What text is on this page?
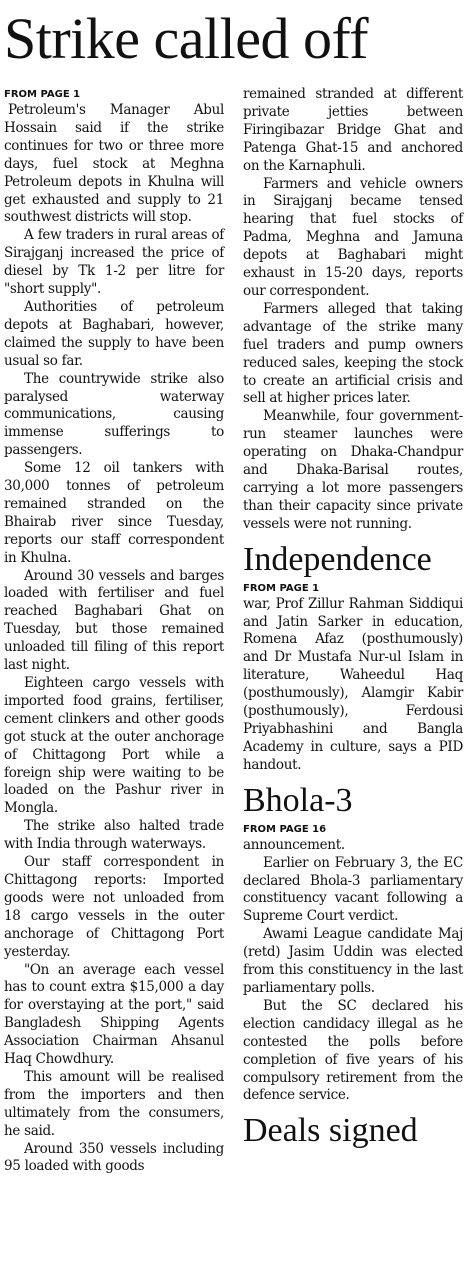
Strike called off
FROM PAGE 1

Petroleum's Manager Abul Hossain said if the strike continues for two or three more days, fuel stock at Meghna Petroleum depots in Khulna will get exhausted and supply to 21 southwest districts will stop.

A few traders in rural areas of Sirajganj increased the price of diesel by Tk 1-2 per litre for "short supply".

Authorities of petroleum depots at Baghabari, however, claimed the supply to have been usual so far.

The countrywide strike also paralysed waterway communications, causing immense sufferings to passengers.

Some 12 oil tankers with 30,000 tonnes of petroleum remained stranded on the Bhairab river since Tuesday, reports our staff correspondent in Khulna.

Around 30 vessels and barges loaded with fertiliser and fuel reached Baghabari Ghat on Tuesday, but those remained unloaded till filing of this report last night.

Eighteen cargo vessels with imported food grains, fertiliser, cement clinkers and other goods got stuck at the outer anchorage of Chittagong Port while a foreign ship were waiting to be loaded on the Pashur river in Mongla.

The strike also halted trade with India through waterways.

Our staff correspondent in Chittagong reports: Imported goods were not unloaded from 18 cargo vessels in the outer anchorage of Chittagong Port yesterday.

"On an average each vessel has to count extra $15,000 a day for overstaying at the port," said Bangladesh Shipping Agents Association Chairman Ahsanul Haq Chowdhury.

This amount will be realised from the importers and then ultimately from the consumers, he said.

Around 350 vessels including 95 loaded with goods

remained stranded at different private jetties between Firingibazar Bridge Ghat and Patenga Ghat-15 and anchored on the Karnaphuli.

Farmers and vehicle owners in Sirajganj became tensed hearing that fuel stocks of Padma, Meghna and Jamuna depots at Baghabari might exhaust in 15-20 days, reports our correspondent.

Farmers alleged that taking advantage of the strike many fuel traders and pump owners reduced sales, keeping the stock to create an artificial crisis and sell at higher prices later.

Meanwhile, four government-run steamer launches were operating on Dhaka-Chandpur and Dhaka-Barisal routes, carrying a lot more passengers than their capacity since private vessels were not running.

Independence
FROM PAGE 1

war, Prof Zillur Rahman Siddiqui and Jatin Sarker in education, Romena Afaz (posthumously) and Dr Mustafa Nur-ul Islam in literature, Waheedul Haq (posthumously), Alamgir Kabir (posthumously), Ferdousi Priyabhashini and Bangla Academy in culture, says a PID handout.

Bhola-3
FROM PAGE 16

announcement.

Earlier on February 3, the EC declared Bhola-3 parliamentary constituency vacant following a Supreme Court verdict.

Awami League candidate Maj (retd) Jasim Uddin was elected from this constituency in the last parliamentary polls.

But the SC declared his election candidacy illegal as he contested the polls before completion of five years of his compulsory retirement from the defence service.

Deals signed
